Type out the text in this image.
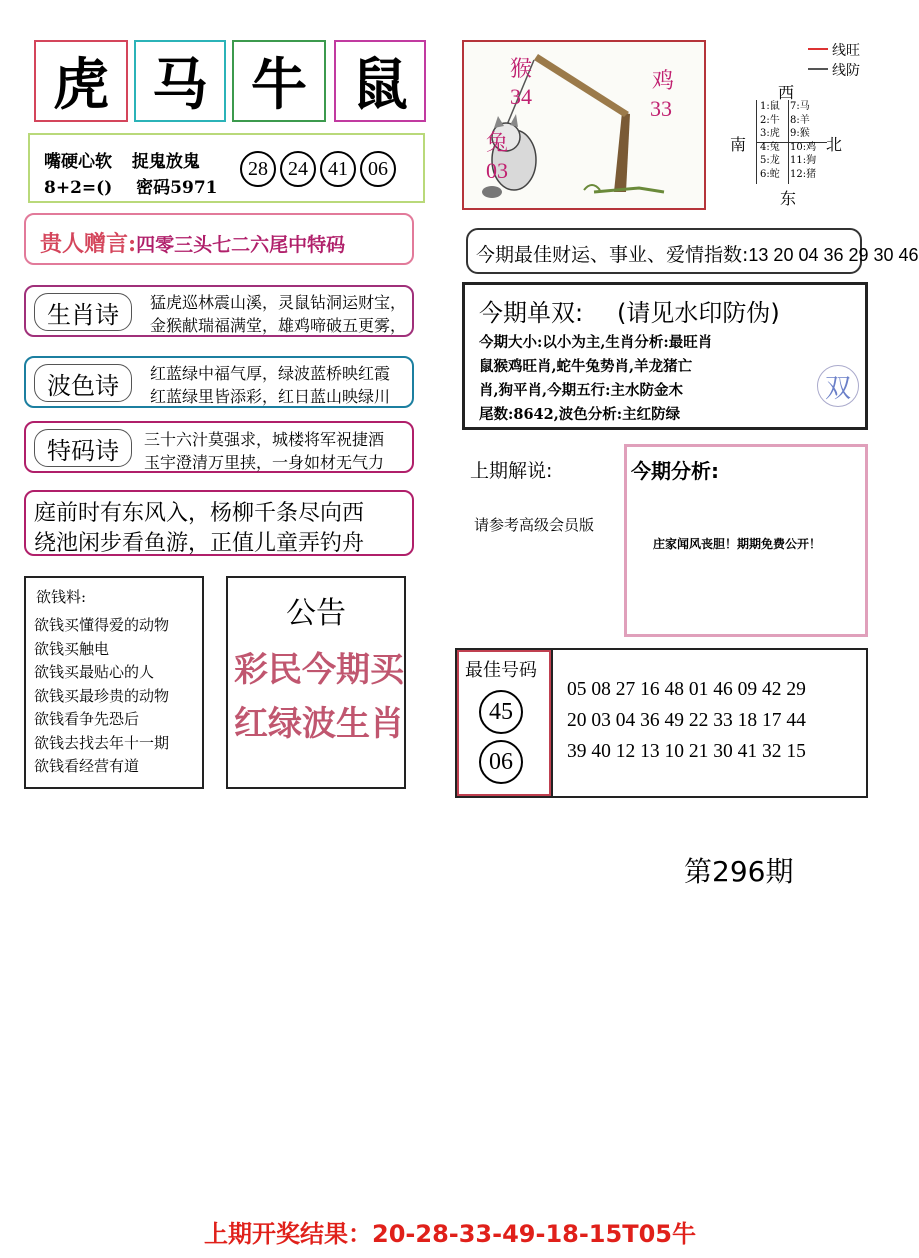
虎 马 牛 鼠
嘴硬心软 捉鬼放鬼
8+2=() 密码5971
28	24	41	06
贵人赠言:四零三头七二六尾中特码
生肖诗	猛虎巡林震山溪，灵鼠钻洞运财宝，
金猴献瑞福满堂，雄鸡啼破五更雾，
波色诗	红蓝绿中福气厚，绿波蓝桥映红霞
红蓝绿里皆添彩，红日蓝山映绿川
特码诗	三十六汁莫强求，城楼将军祝捷酒
玉宇澄清万里挟，一身如材无气力
庭前时有东风入，杨柳千条尽向西
绕池闲步看鱼游，正值儿童弄钓舟
欲钱料:
欲钱买懂得爱的动物
欲钱买触电
欲钱买最贴心的人
欲钱买最珍贵的动物
欲钱看争先恐后
欲钱去找去年十一期
欲钱看经营有道
公告
彩民今期买
红绿波生肖
猴
34
鸡
33
兔
03
线旺
线防
西
南	北
东
1:鼠
2:牛
3:虎
4:兔
5:龙
6:蛇
7:马
8:羊
9:猴
10:鸡
11:狗
12:猪
今期最佳财运、事业、爱情指数:13 20 04 36 29 30 46
今期单双: (请见水印防伪)
今期大小:以小为主,生肖分析:最旺肖
鼠猴鸡旺肖,蛇牛兔势肖,羊龙猪亡
肖,狗平肖,今期五行:主水防金木
尾数:8642,波色分析:主红防绿
双
上期解说:
请参考高级会员版
今期分析:
庄家闻风丧胆！期期免费公开！
最佳号码
45
06
05 08 27 16 48 01 46 09 42 29
20 03 04 36 49 22 33 18 17 44
39 40 12 13 10 21 30 41 32 15
第296期
上期开奖结果：20-28-33-49-18-15T05牛
